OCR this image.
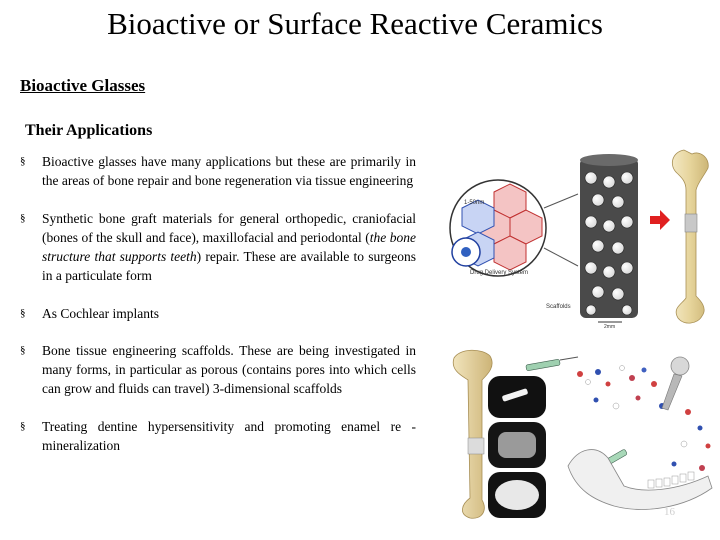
Bioactive or Surface Reactive Ceramics
Bioactive Glasses
Their Applications
§ Bioactive glasses have many applications but these are primarily in the areas of bone repair and bone regeneration via tissue engineering
§ Synthetic bone graft materials for general orthopedic, craniofacial (bones of the skull and face), maxillofacial and periodontal (the bone structure that supports teeth) repair. These are available to surgeons in a particulate form
§ As Cochlear implants
§ Bone tissue engineering scaffolds. These are being investigated in many forms, in particular as porous (contains pores into which cells can grow and fluids can travel) 3-dimensional scaffolds
§ Treating dentine hypersensitivity and promoting enamel re -mineralization
1-50nm
Drug Delivery System
Scaffolds
2mm
16
